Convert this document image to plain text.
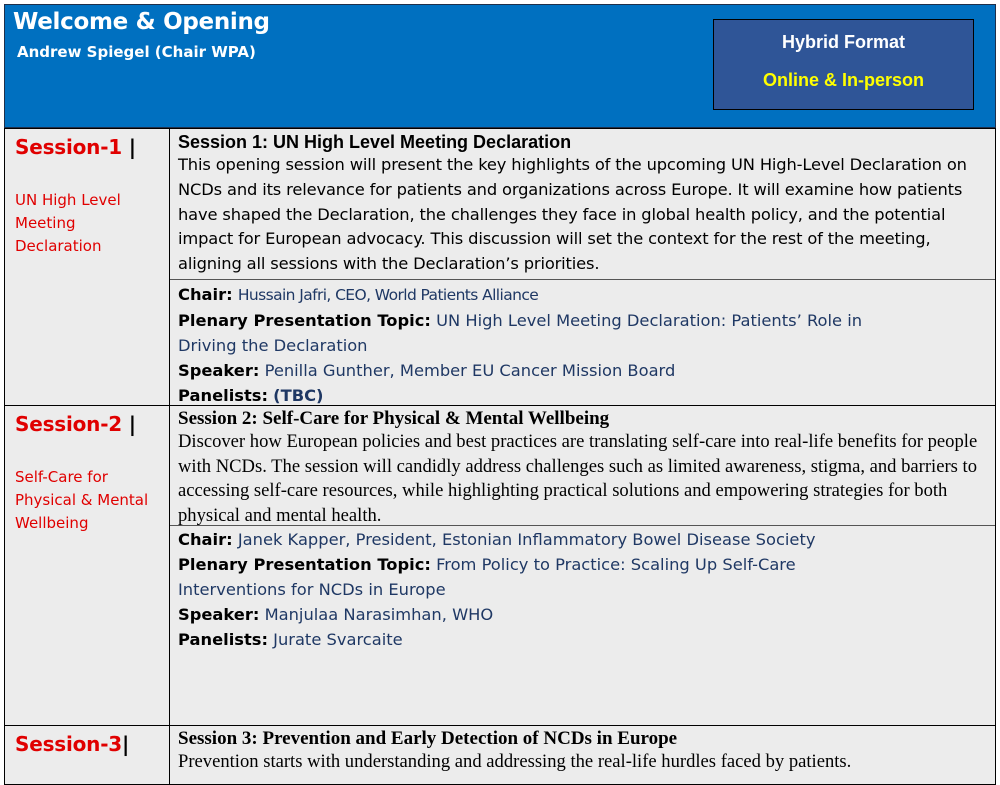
Welcome & Opening
Andrew Spiegel (Chair WPA)	Hybrid Format
Online & In-person
Session-1 |
UN High Level Meeting Declaration
Session 1: UN High Level Meeting Declaration
This opening session will present the key highlights of the upcoming UN High-Level Declaration on NCDs and its relevance for patients and organizations across Europe. It will examine how patients have shaped the Declaration, the challenges they face in global health policy, and the potential impact for European advocacy. This discussion will set the context for the rest of the meeting, aligning all sessions with the Declaration’s priorities.
Chair: Hussain Jafri, CEO, World Patients Alliance
Plenary Presentation Topic: UN High Level Meeting Declaration: Patients’ Role in
Driving the Declaration
Speaker: Penilla Gunther, Member EU Cancer Mission Board
Panelists: (TBC)
Session-2 |
Self-Care for Physical & Mental Wellbeing
Session 2: Self-Care for Physical & Mental Wellbeing
Discover how European policies and best practices are translating self-care into real-life benefits for people with NCDs. The session will candidly address challenges such as limited awareness, stigma, and barriers to accessing self-care resources, while highlighting practical solutions and empowering strategies for both physical and mental health.
Chair: Janek Kapper, President, Estonian Inflammatory Bowel Disease Society
Plenary Presentation Topic: From Policy to Practice: Scaling Up Self-Care
Interventions for NCDs in Europe
Speaker: Manjulaa Narasimhan, WHO
Panelists: Jurate Svarcaite
Session-3|	Session 3: Prevention and Early Detection of NCDs in Europe
Prevention starts with understanding and addressing the real-life hurdles faced by patients.
